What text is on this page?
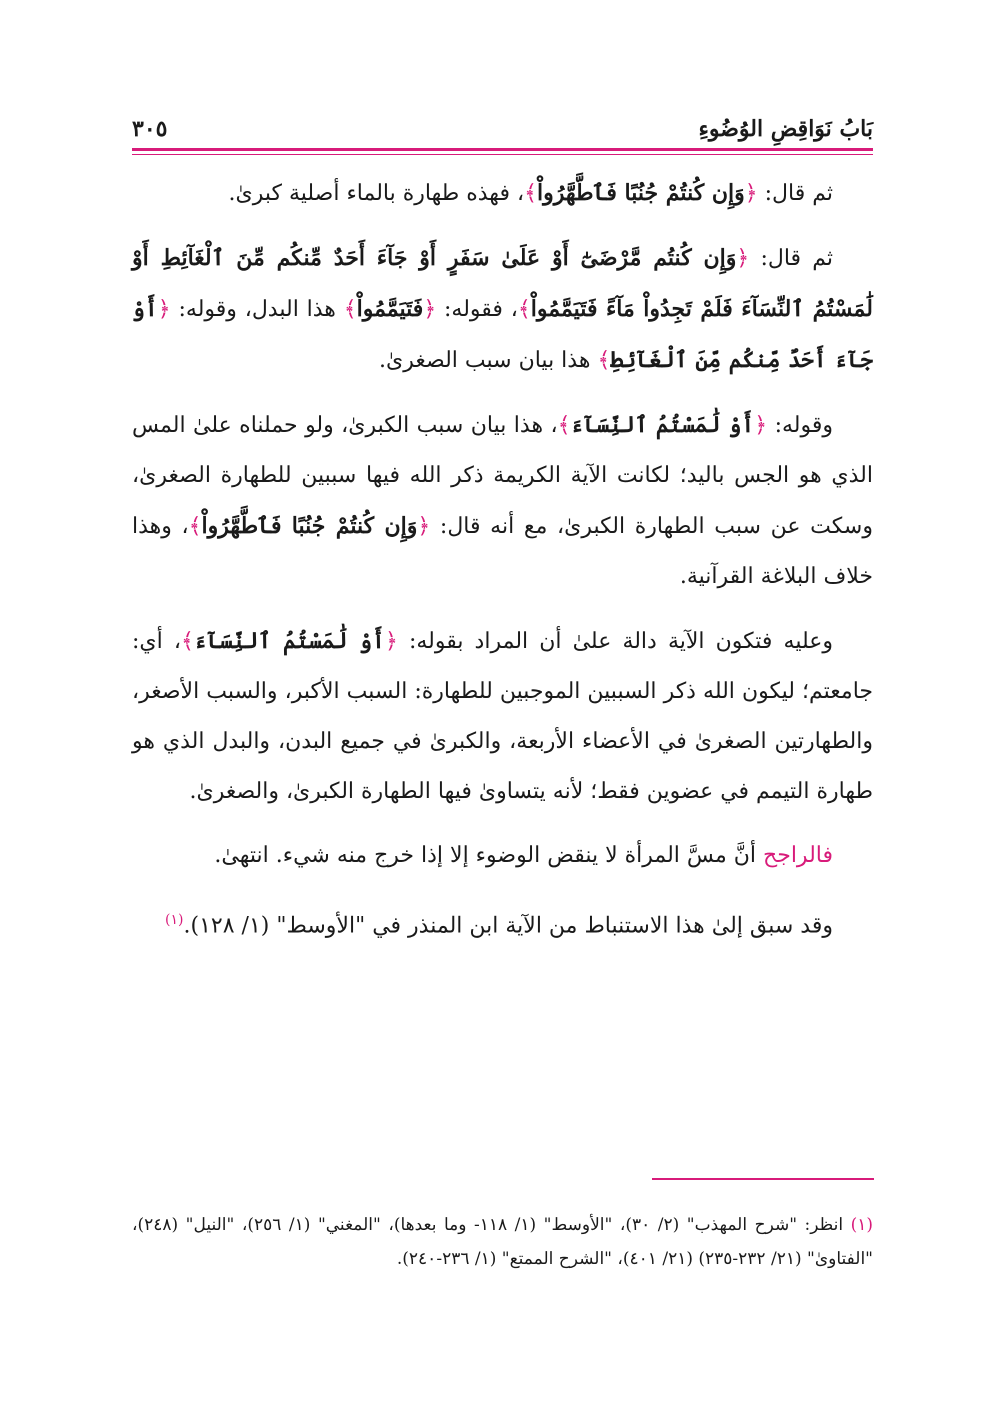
بَابُ نَوَاقِضِ الوُضُوءِ
٣٠٥

ثم قال: ﴿وَإِن كُنتُمْ جُنُبًا فَٱطَّهَّرُواْ﴾، فهذه طهارة بالماء أصلية كبرىٰ.

ثم قال: ﴿وَإِن كُنتُم مَّرْضَىٰٓ أَوْ عَلَىٰ سَفَرٍ أَوْ جَآءَ أَحَدٌ مِّنكُم مِّنَ ٱلْغَآئِطِ أَوْ لَٰمَسْتُمُ ٱلنِّسَآءَ فَلَمْ تَجِدُواْ مَآءً فَتَيَمَّمُواْ﴾، فقوله: ﴿فَتَيَمَّمُواْ﴾ هذا البدل، وقوله: ﴿أَوْ جَآءَ أَحَدٌ مِّنكُم مِّنَ ٱلْغَآئِطِ﴾ هذا بيان سبب الصغرىٰ.

وقوله: ﴿أَوْ لَٰمَسْتُمُ ٱلنِّسَآءَ﴾، هذا بيان سبب الكبرىٰ، ولو حملناه علىٰ المس الذي هو الجس باليد؛ لكانت الآية الكريمة ذكر الله فيها سببين للطهارة الصغرىٰ، وسكت عن سبب الطهارة الكبرىٰ، مع أنه قال: ﴿وَإِن كُنتُمْ جُنُبًا فَٱطَّهَّرُواْ﴾، وهذا خلاف البلاغة القرآنية.

وعليه فتكون الآية دالة علىٰ أن المراد بقوله: ﴿أَوْ لَٰمَسْتُمُ ٱلنِّسَآءَ﴾، أي: جامعتم؛ ليكون الله ذكر السببين الموجبين للطهارة: السبب الأكبر، والسبب الأصغر، والطهارتين الصغرىٰ في الأعضاء الأربعة، والكبرىٰ في جميع البدن، والبدل الذي هو طهارة التيمم في عضوين فقط؛ لأنه يتساوىٰ فيها الطهارة الكبرىٰ، والصغرىٰ.

فالراجح أنَّ مسَّ المرأة لا ينقض الوضوء إلا إذا خرج منه شيء. انتهىٰ.

وقد سبق إلىٰ هذا الاستنباط من الآية ابن المنذر في "الأوسط" (١/ ١٢٨).$^{(١)}$

(١) انظر: "شرح المهذب" (٢/ ٣٠)، "الأوسط" (١/ ١١٨- وما بعدها)، "المغني" (١/ ٢٥٦)، "النيل" (٢٤٨)، "الفتاوىٰ" (٢١/ ٢٣٢-٢٣٥) (٢١/ ٤٠١)، "الشرح الممتع" (١/ ٢٣٦-٢٤٠).
